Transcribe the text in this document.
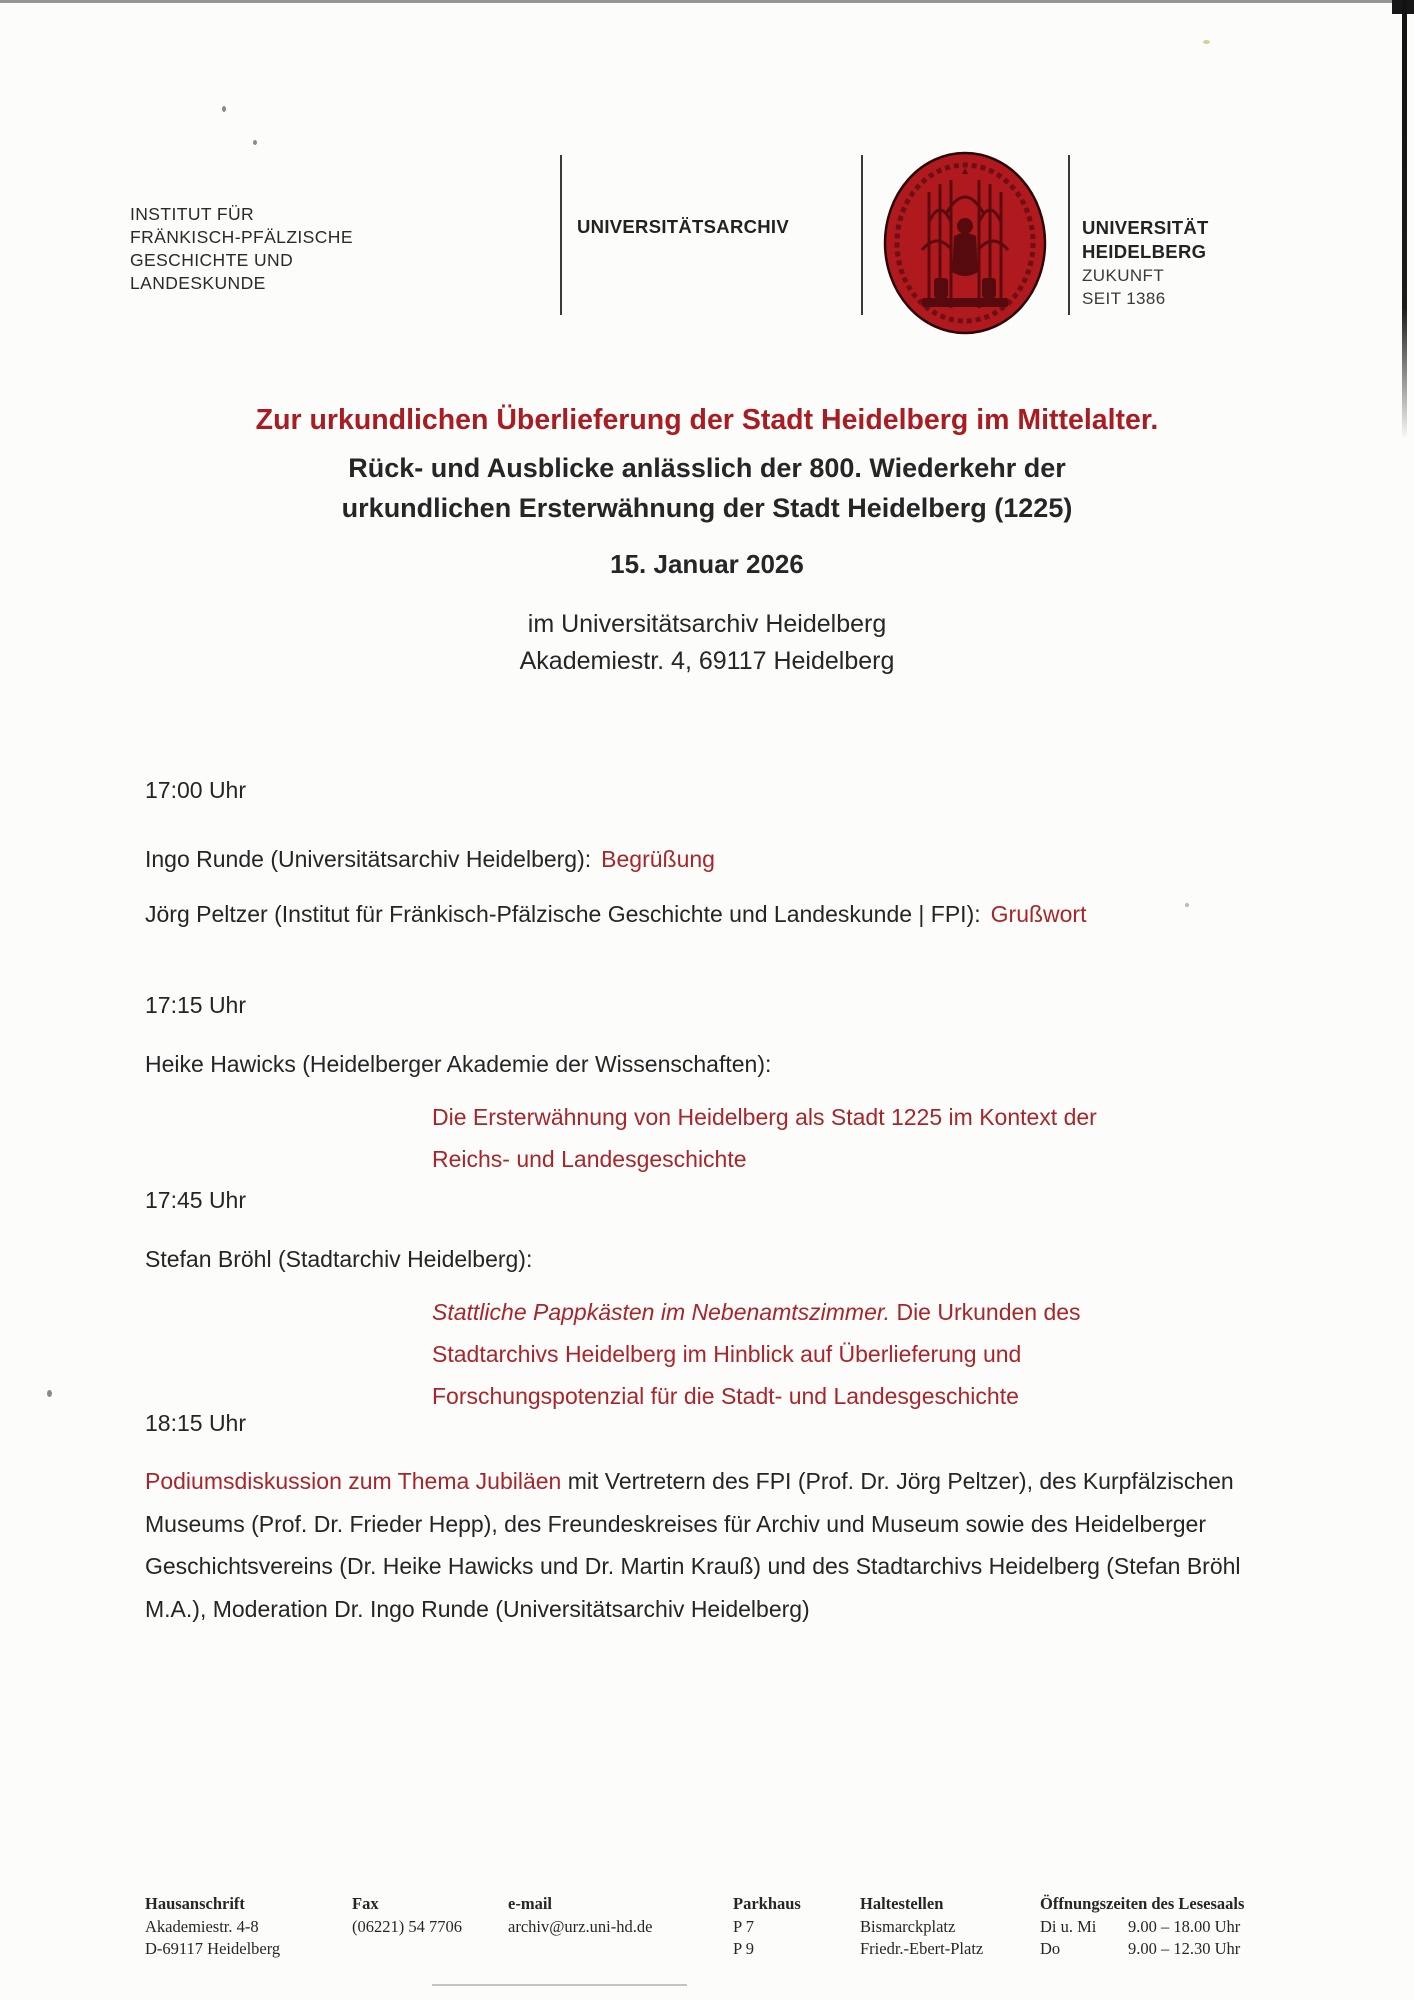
INSTITUT FÜR
FRÄNKISCH-PFÄLZISCHE
GESCHICHTE UND
LANDESKUNDE
UNIVERSITÄTSARCHIV	UNIVERSITÄT
HEIDELBERG
ZUKUNFT
SEIT 1386
Zur urkundlichen Überlieferung der Stadt Heidelberg im Mittelalter.
Rück- und Ausblicke anlässlich der 800. Wiederkehr der
urkundlichen Ersterwähnung der Stadt Heidelberg (1225)
15. Januar 2026
im Universitätsarchiv Heidelberg
Akademiestr. 4, 69117 Heidelberg
17:00 Uhr
Ingo Runde (Universitätsarchiv Heidelberg): Begrüßung
Jörg Peltzer (Institut für Fränkisch-Pfälzische Geschichte und Landeskunde | FPI): Grußwort
17:15 Uhr
Heike Hawicks (Heidelberger Akademie der Wissenschaften):
Die Ersterwähnung von Heidelberg als Stadt 1225 im Kontext der
Reichs- und Landesgeschichte
17:45 Uhr
Stefan Bröhl (Stadtarchiv Heidelberg):
Stattliche Pappkästen im Nebenamtszimmer. Die Urkunden des
Stadtarchivs Heidelberg im Hinblick auf Überlieferung und
Forschungspotenzial für die Stadt- und Landesgeschichte
18:15 Uhr
Podiumsdiskussion zum Thema Jubiläen mit Vertretern des FPI (Prof. Dr. Jörg Peltzer), des Kurpfälzischen Museums (Prof. Dr. Frieder Hepp), des Freundeskreises für Archiv und Museum sowie des Heidelberger Geschichtsvereins (Dr. Heike Hawicks und Dr. Martin Krauß) und des Stadtarchivs Heidelberg (Stefan Bröhl M.A.), Moderation Dr. Ingo Runde (Universitätsarchiv Heidelberg)
Hausanschrift
Akademiestr. 4-8
D-69117 Heidelberg
Fax
(06221) 54 7706
e-mail
archiv@urz.uni-hd.de
Parkhaus
P 7
P 9
Haltestellen
Bismarckplatz
Friedr.-Ebert-Platz
Öffnungszeiten des Lesesaals
Di u. Mi 9.00 – 18.00 Uhr
Do	9.00 – 12.30 Uhr
